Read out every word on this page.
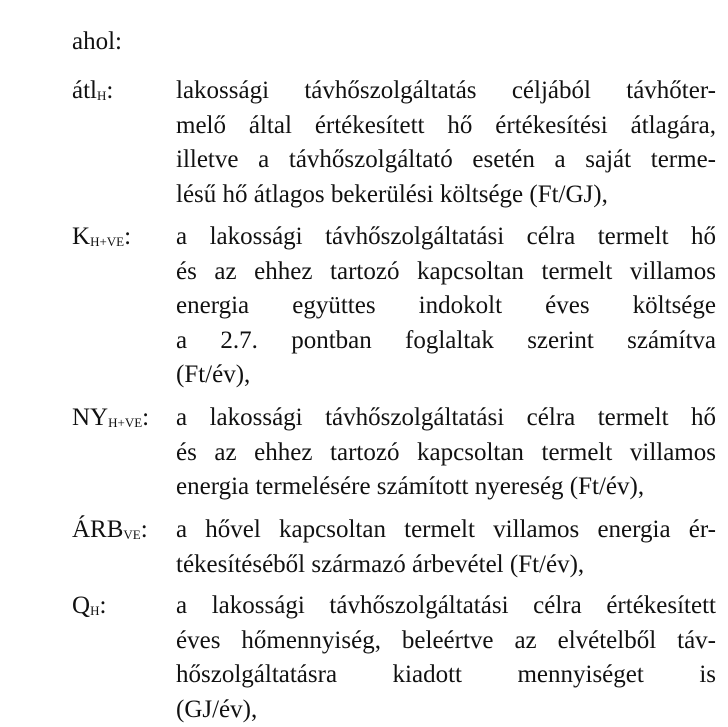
ahol:
átl$_H$:	lakossági távhőszolgáltatás céljából távhőter-
melő által értékesített hő értékesítési átlagára,
illetve a távhőszolgáltató esetén a saját terme-
lésű hő átlagos bekerülési költsége (Ft/GJ),
$K_{H+VE}$: a lakossági távhőszolgáltatási célra termelt hő
és az ehhez tartozó kapcsoltan termelt villamos
energia együttes indokolt éves költsége
a 2.7. pontban foglaltak szerint számítva
(Ft/év),
$NY_{H+VE}$: a lakossági távhőszolgáltatási célra termelt hő
és az ehhez tartozó kapcsoltan termelt villamos
energia termelésére számított nyereség (Ft/év),
$ÁRB_{VE}$: a hővel kapcsoltan termelt villamos energia ér-
tékesítéséből származó árbevétel (Ft/év),
$Q_H$:	a lakossági távhőszolgáltatási célra értékesített
éves hőmennyiség, beleértve az elvételből táv-
hőszolgáltatásra kiadott mennyiséget is
(GJ/év),
